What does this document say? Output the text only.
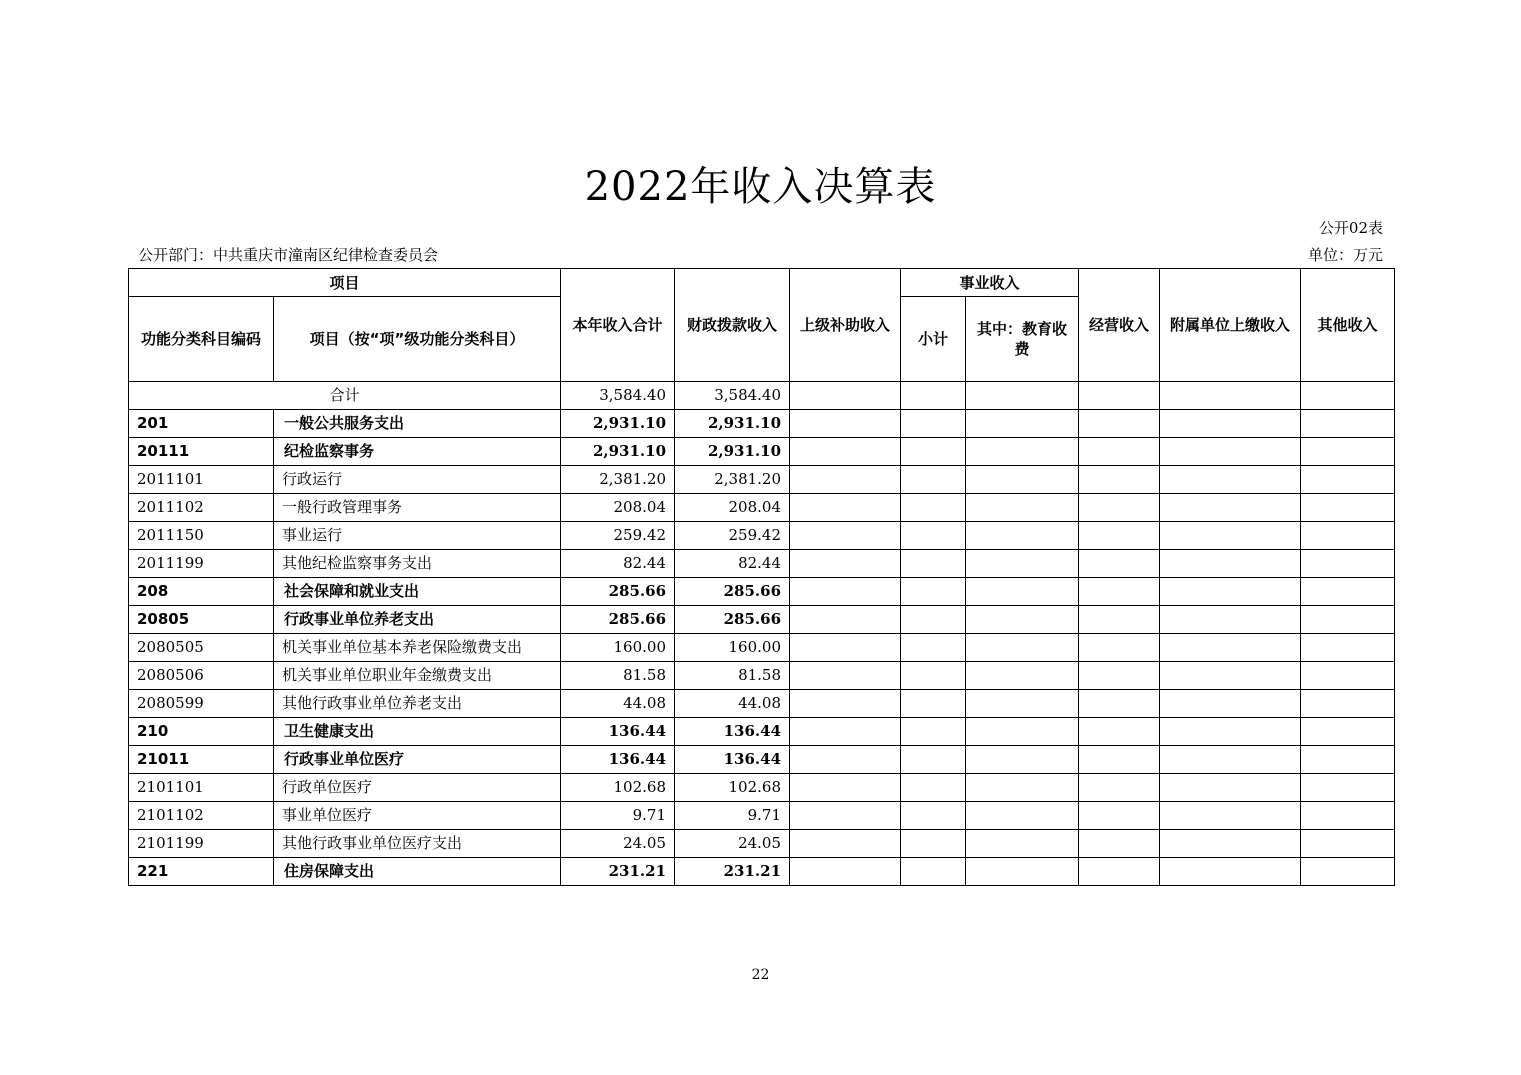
2022年收入决算表
公开02表
公开部门：中共重庆市潼南区纪律检查委员会	单位：万元
项目		本年收入合计	财政拨款收入	上级补助收入	事业收入		经营收入	附属单位上缴收入	其他收入
功能分类科目编码	项目（按“项”级功能分类科目）				小计	其中：教育收费			
合计		3,584.40	3,584.40						
201	一般公共服务支出	2,931.10	2,931.10						
20111	纪检监察事务	2,931.10	2,931.10						
2011101	行政运行	2,381.20	2,381.20						
2011102	一般行政管理事务	208.04	208.04						
2011150	事业运行	259.42	259.42						
2011199	其他纪检监察事务支出	82.44	82.44						
208	社会保障和就业支出	285.66	285.66						
20805	行政事业单位养老支出	285.66	285.66						
2080505	机关事业单位基本养老保险缴费支出	160.00	160.00						
2080506	机关事业单位职业年金缴费支出	81.58	81.58						
2080599	其他行政事业单位养老支出	44.08	44.08						
210	卫生健康支出	136.44	136.44						
21011	行政事业单位医疗	136.44	136.44						
2101101	行政单位医疗	102.68	102.68						
2101102	事业单位医疗	9.71	9.71						
2101199	其他行政事业单位医疗支出	24.05	24.05						
221	住房保障支出	231.21	231.21						
22
